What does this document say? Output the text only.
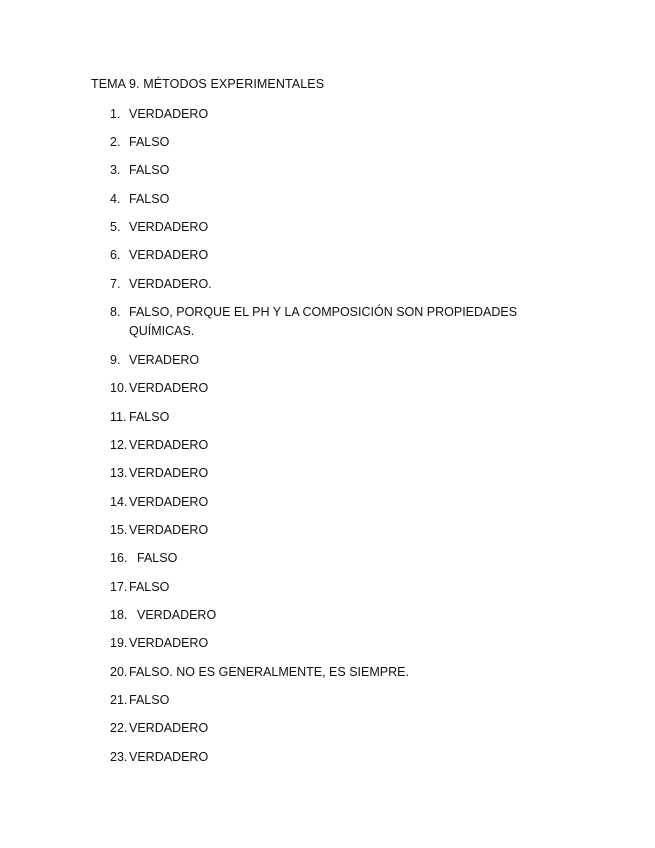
TEMA 9. MÉTODOS EXPERIMENTALES
1. VERDADERO
2. FALSO
3. FALSO
4. FALSO
5. VERDADERO
6. VERDADERO
7. VERDADERO.
8. FALSO, PORQUE EL PH Y LA COMPOSICIÓN SON PROPIEDADES QUÍMICAS.
9. VERADERO
10. VERDADERO
11. FALSO
12. VERDADERO
13. VERDADERO
14. VERDADERO
15. VERDADERO
16. FALSO
17. FALSO
18. VERDADERO
19. VERDADERO
20. FALSO. NO ES GENERALMENTE, ES SIEMPRE.
21. FALSO
22. VERDADERO
23. VERDADERO
